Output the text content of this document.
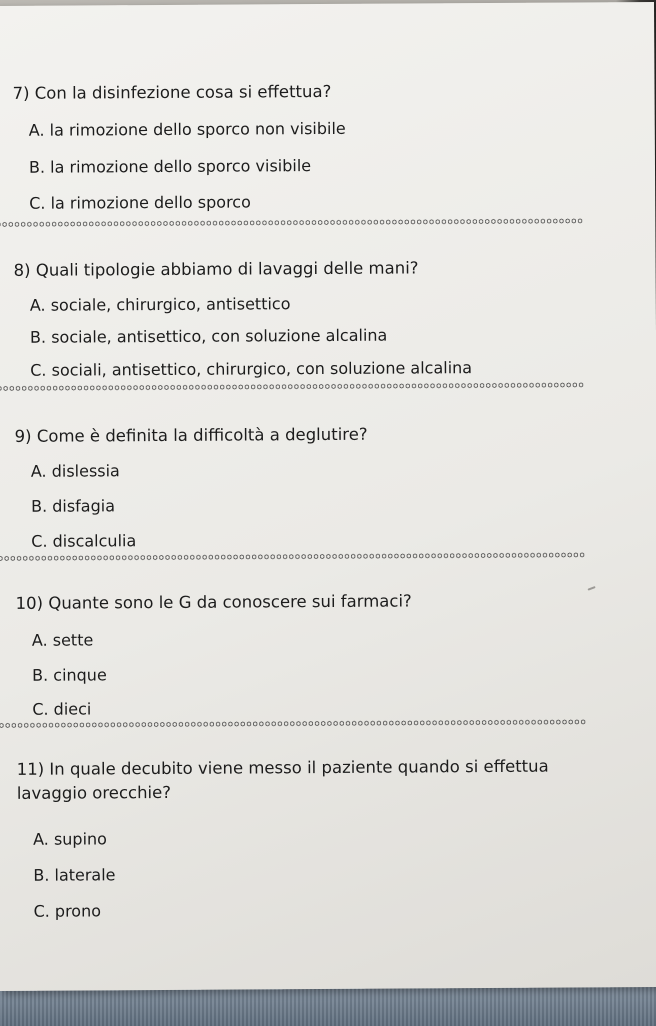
7) Con la disinfezione cosa si effettua?
A. la rimozione dello sporco non visibile
B. la rimozione dello sporco visibile
C. la rimozione dello sporco
8) Quali tipologie abbiamo di lavaggi delle mani?
A. sociale, chirurgico, antisettico
B. sociale, antisettico, con soluzione alcalina
C. sociali, antisettico, chirurgico, con soluzione alcalina
9) Come è definita la difficoltà a deglutire?
A. dislessia
B. disfagia
C. discalculia
10) Quante sono le G da conoscere sui farmaci?
A. sette
B. cinque
C. dieci
11) In quale decubito viene messo il paziente quando si effettua lavaggio orecchie?
A. supino
B. laterale
C. prono
